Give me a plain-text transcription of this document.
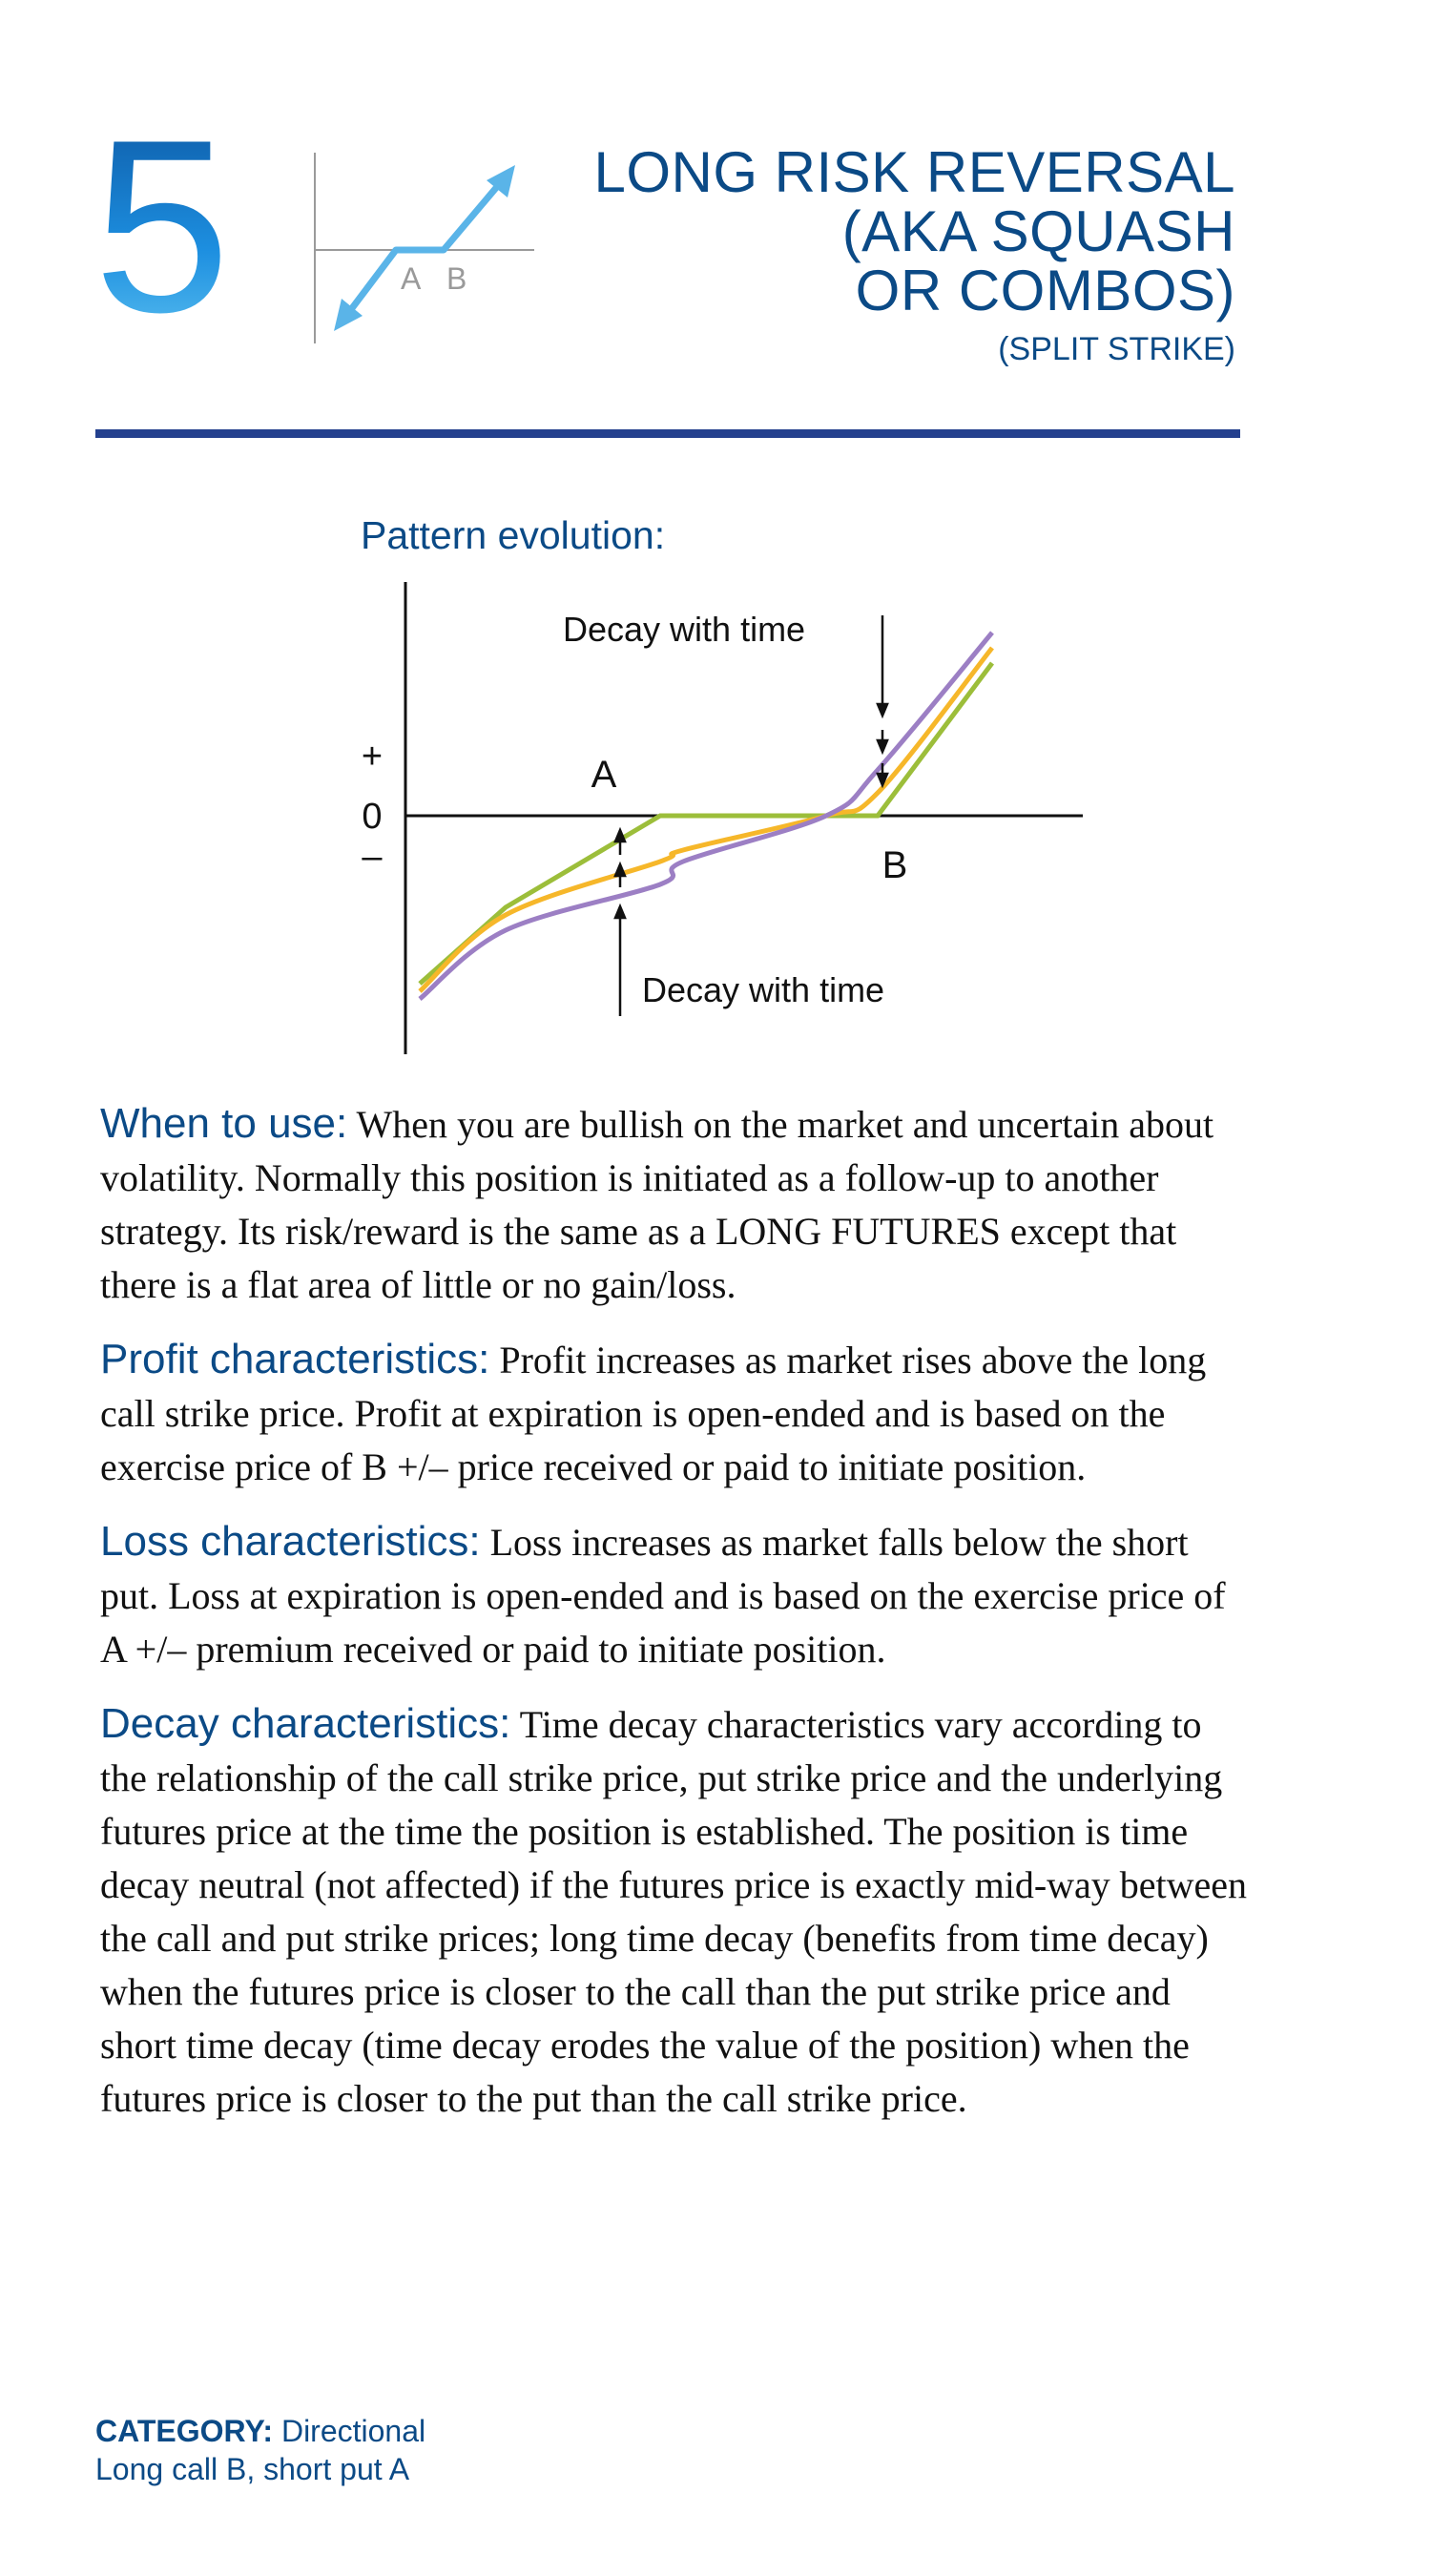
5	A B
LONG RISK REVERSAL
(AKA SQUASH
OR COMBOS)
(SPLIT STRIKE)
Pattern evolution:
+
0
–
A
B
Decay with time
Decay with time

When to use: When you are bullish on the market and uncertain about volatility. Normally this position is initiated as a follow-up to another strategy. Its risk/reward is the same as a LONG FUTURES except that there is a flat area of little or no gain/loss.

Profit characteristics: Profit increases as market rises above the long call strike price. Profit at expiration is open-ended and is based on the exercise price of B +/– price received or paid to initiate position.

Loss characteristics: Loss increases as market falls below the short put. Loss at expiration is open-ended and is based on the exercise price of A +/– premium received or paid to initiate position.

Decay characteristics: Time decay characteristics vary according to the relationship of the call strike price, put strike price and the underlying futures price at the time the position is established. The position is time decay neutral (not affected) if the futures price is exactly mid-way between the call and put strike prices; long time decay (benefits from time decay) when the futures price is closer to the call than the put strike price and short time decay (time decay erodes the value of the position) when the futures price is closer to the put than the call strike price.

CATEGORY: Directional
Long call B, short put A
